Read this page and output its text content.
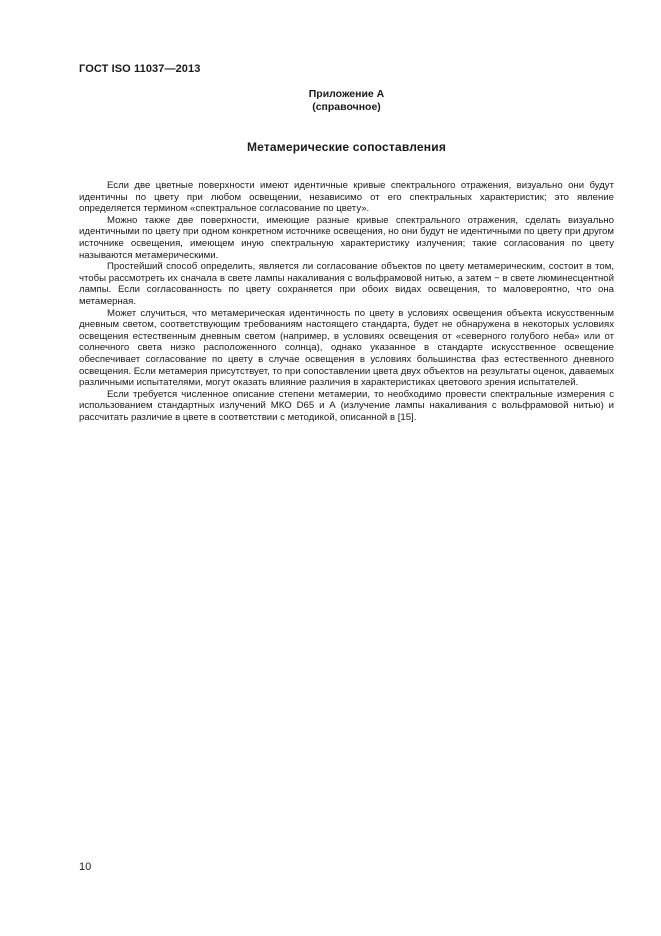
ГОСТ ISO 11037—2013
Приложение А
(справочное)
Метамерические сопоставления

Если две цветные поверхности имеют идентичные кривые спектрального отражения, визуально они будут идентичны по цвету при любом освещении, независимо от его спектральных характеристик; это явление определяется термином «спектральное согласование по цвету».

Можно также две поверхности, имеющие разные кривые спектрального отражения, сделать визуально идентичными по цвету при одном конкретном источнике освещения, но они будут не идентичными по цвету при другом источнике освещения, имеющем иную спектральную характеристику излучения; такие согласования по цвету называются метамерическими.

Простейший способ определить, является ли согласование объектов по цвету метамерическим, состоит в том, чтобы рассмотреть их сначала в свете лампы накаливания с вольфрамовой нитью, а затем − в свете люминесцентной лампы. Если согласованность по цвету сохраняется при обоих видах освещения, то маловероятно, что она метамерная.

Может случиться, что метамерическая идентичность по цвету в условиях освещения объекта искусственным дневным светом, соответствующим требованиям настоящего стандарта, будет не обнаружена в некоторых условиях освещения естественным дневным светом (например, в условиях освещения от «северного голубого неба» или от солнечного света низко расположенного солнца), однако указанное в стандарте искусственное освещение обеспечивает согласование по цвету в случае освещения в условиях большинства фаз естественного дневного освещения. Если метамерия присутствует, то при сопоставлении цвета двух объектов на результаты оценок, даваемых различными испытателями, могут оказать влияние различия в характеристиках цветового зрения испытателей.

Если требуется численное описание степени метамерии, то необходимо провести спектральные измерения с использованием стандартных излучений МКО D65 и А (излучение лампы накаливания с вольфрамовой нитью) и рассчитать различие в цвете в соответствии с методикой, описанной в [15].

10
